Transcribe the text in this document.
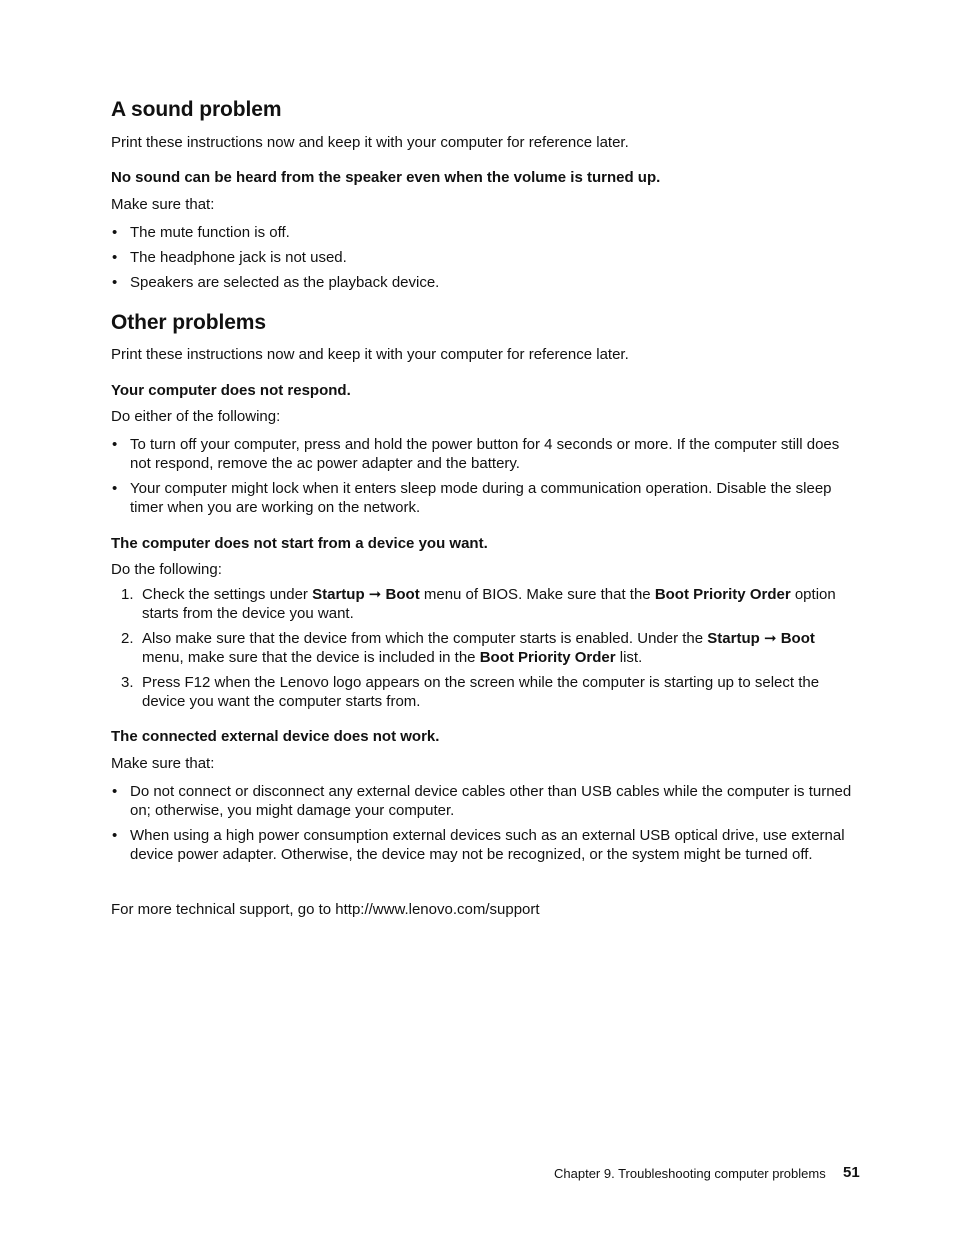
A sound problem

Print these instructions now and keep it with your computer for reference later.

No sound can be heard from the speaker even when the volume is turned up.

Make sure that:

• The mute function is off.
• The headphone jack is not used.
• Speakers are selected as the playback device.
Other problems

Print these instructions now and keep it with your computer for reference later.

Your computer does not respond.

Do either of the following:

• To turn off your computer, press and hold the power button for 4 seconds or more. If the computer still does not respond, remove the ac power adapter and the battery.
• Your computer might lock when it enters sleep mode during a communication operation. Disable the sleep timer when you are working on the network.

The computer does not start from a device you want.

Do the following:

1. Check the settings under Startup ➞ Boot menu of BIOS. Make sure that the Boot Priority Order option starts from the device you want.
2. Also make sure that the device from which the computer starts is enabled. Under the Startup ➞ Boot menu, make sure that the device is included in the Boot Priority Order list.
3. Press F12 when the Lenovo logo appears on the screen while the computer is starting up to select the device you want the computer starts from.

The connected external device does not work.

Make sure that:

• Do not connect or disconnect any external device cables other than USB cables while the computer is turned on; otherwise, you might damage your computer.
• When using a high power consumption external devices such as an external USB optical drive, use external device power adapter. Otherwise, the device may not be recognized, or the system might be turned off.

For more technical support, go to http://www.lenovo.com/support

Chapter 9. Troubleshooting computer problems 51
